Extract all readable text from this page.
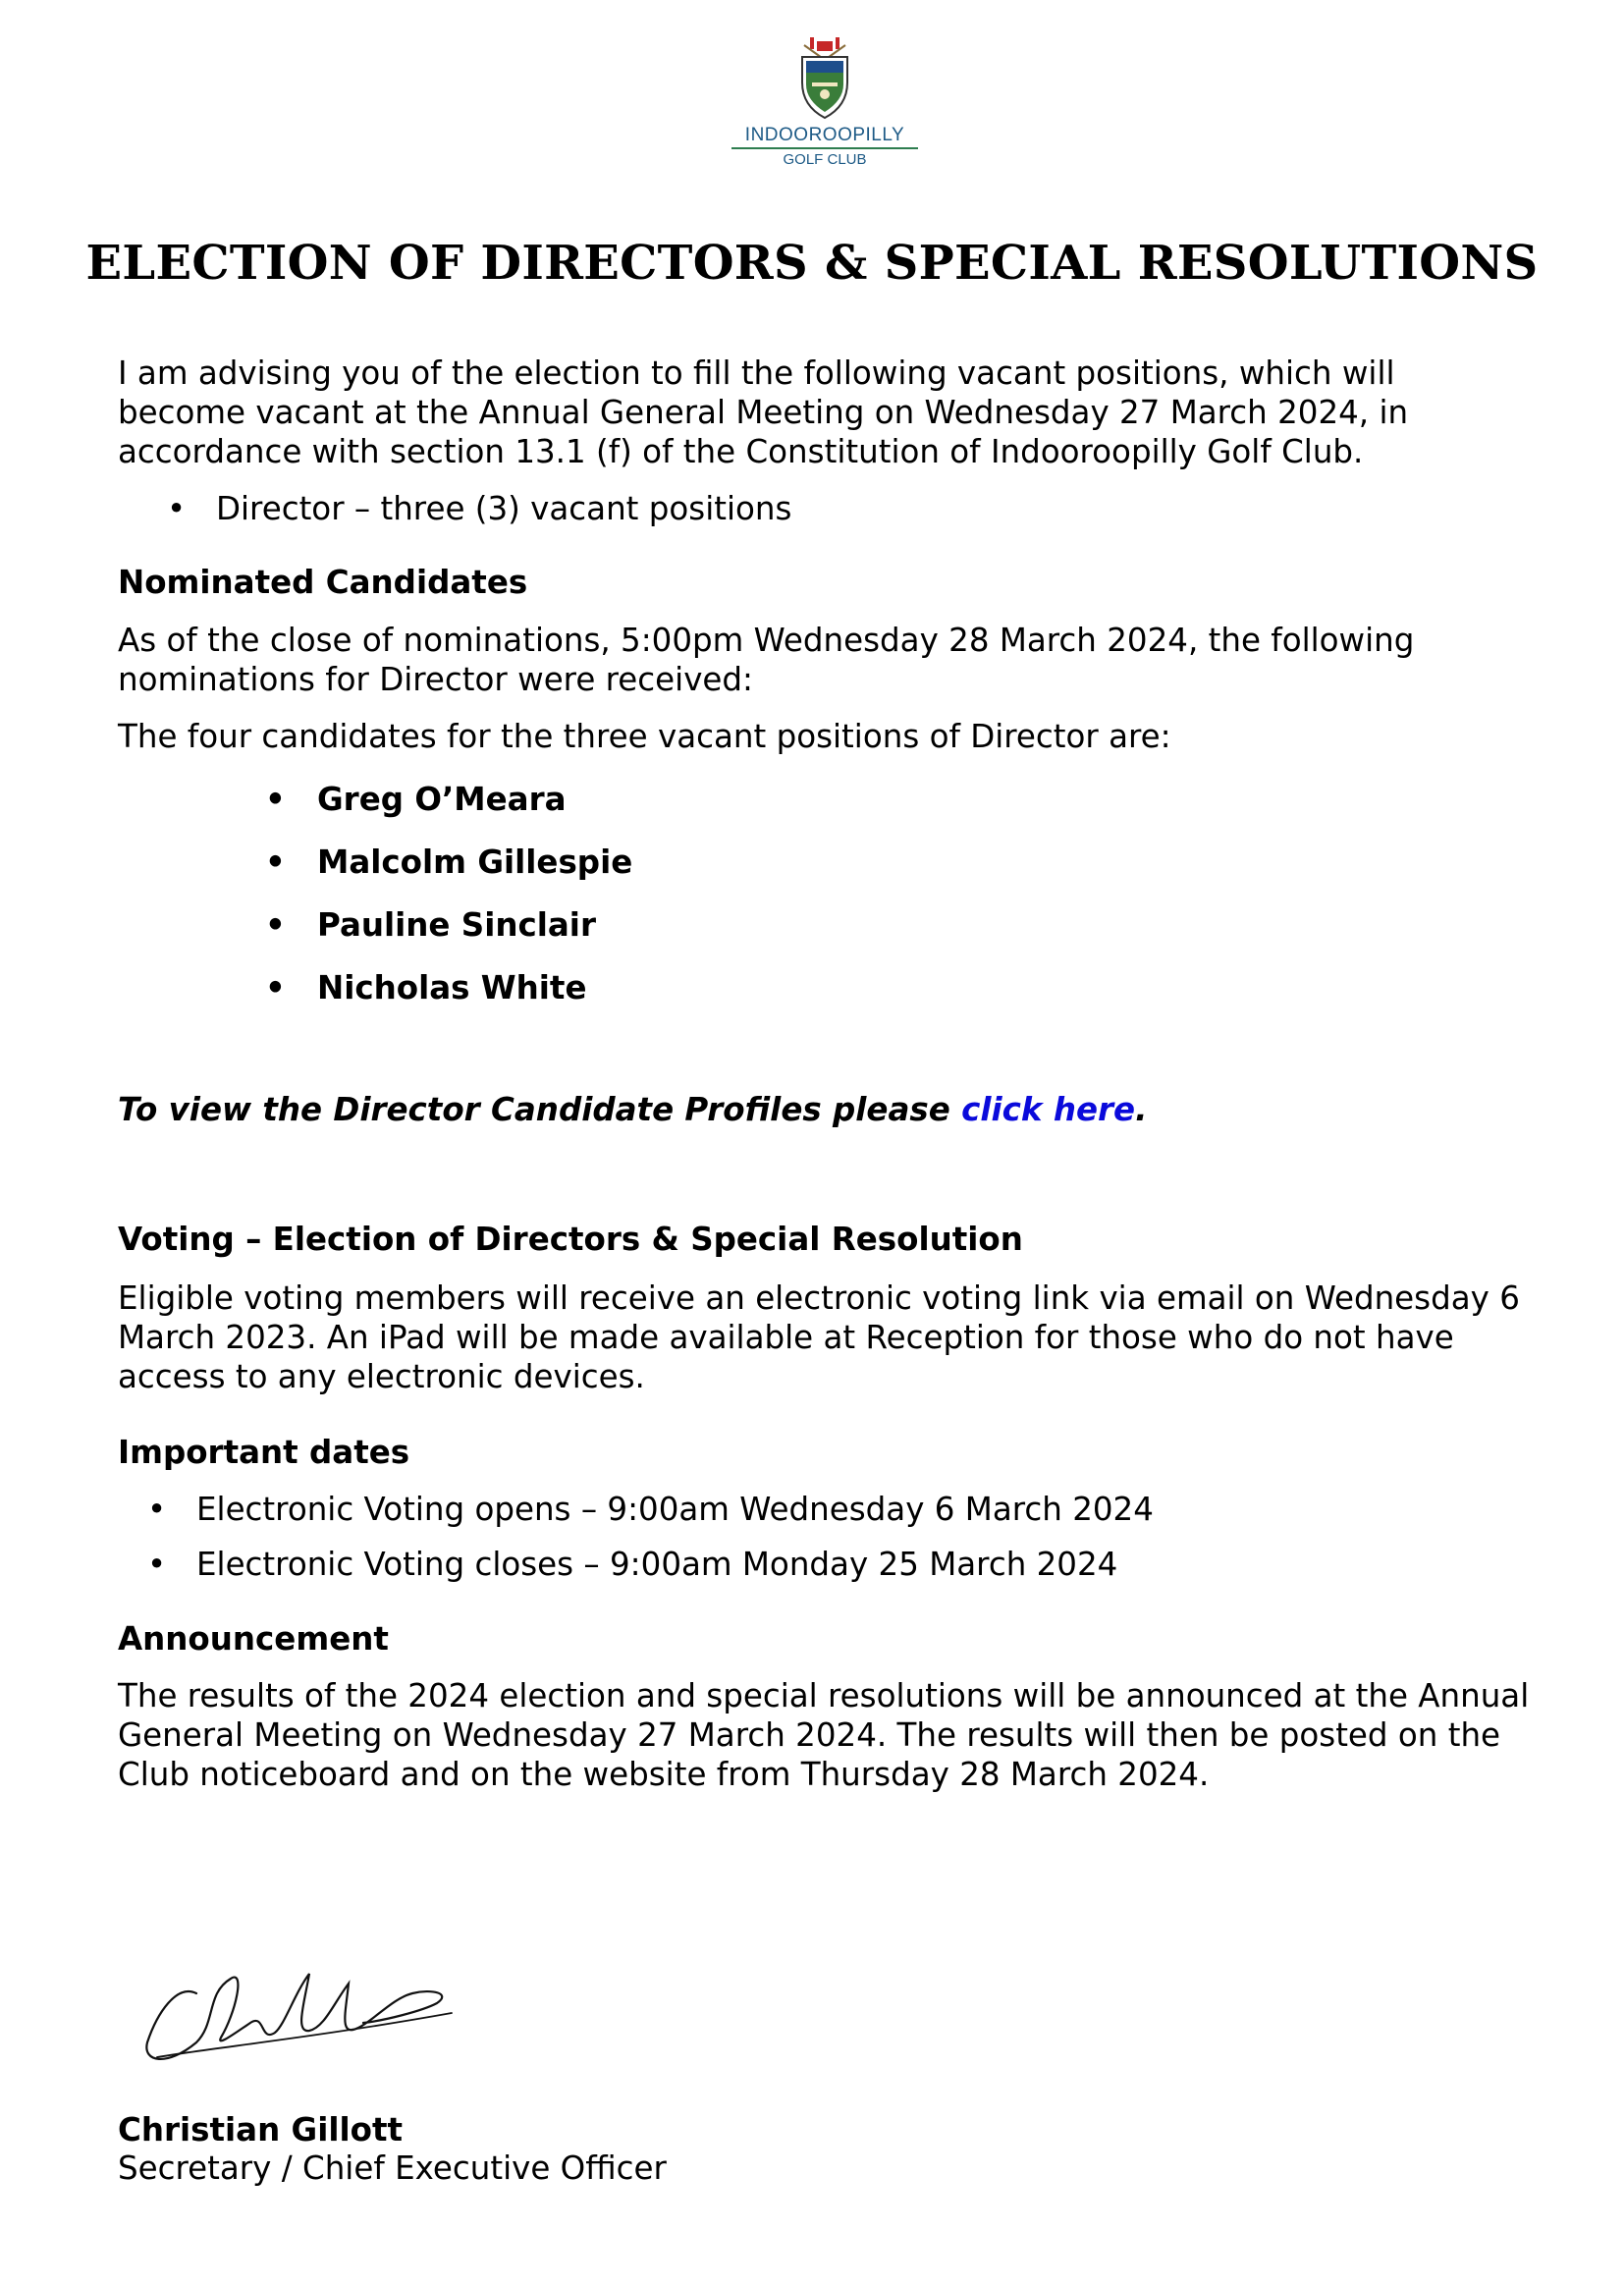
INDOOROOPILLY
GOLF CLUB
ELECTION OF DIRECTORS & SPECIAL RESOLUTIONS

I am advising you of the election to fill the following vacant positions, which will become vacant at the Annual General Meeting on Wednesday 27 March 2024, in accordance with section 13.1 (f) of the Constitution of Indooroopilly Golf Club.

• Director – three (3) vacant positions
Nominated Candidates

As of the close of nominations, 5:00pm Wednesday 28 March 2024, the following nominations for Director were received:

The four candidates for the three vacant positions of Director are:

• Greg O’Meara
• Malcolm Gillespie
• Pauline Sinclair
• Nicholas White
To view the Director Candidate Profiles please click here.
Voting – Election of Directors & Special Resolution

Eligible voting members will receive an electronic voting link via email on Wednesday 6 March 2023. An iPad will be made available at Reception for those who do not have access to any electronic devices.

Important dates
• Electronic Voting opens – 9:00am Wednesday 6 March 2024
• Electronic Voting closes – 9:00am Monday 25 March 2024
Announcement

The results of the 2024 election and special resolutions will be announced at the Annual General Meeting on Wednesday 27 March 2024. The results will then be posted on the Club noticeboard and on the website from Thursday 28 March 2024.

Christian Gillott
Secretary / Chief Executive Officer
